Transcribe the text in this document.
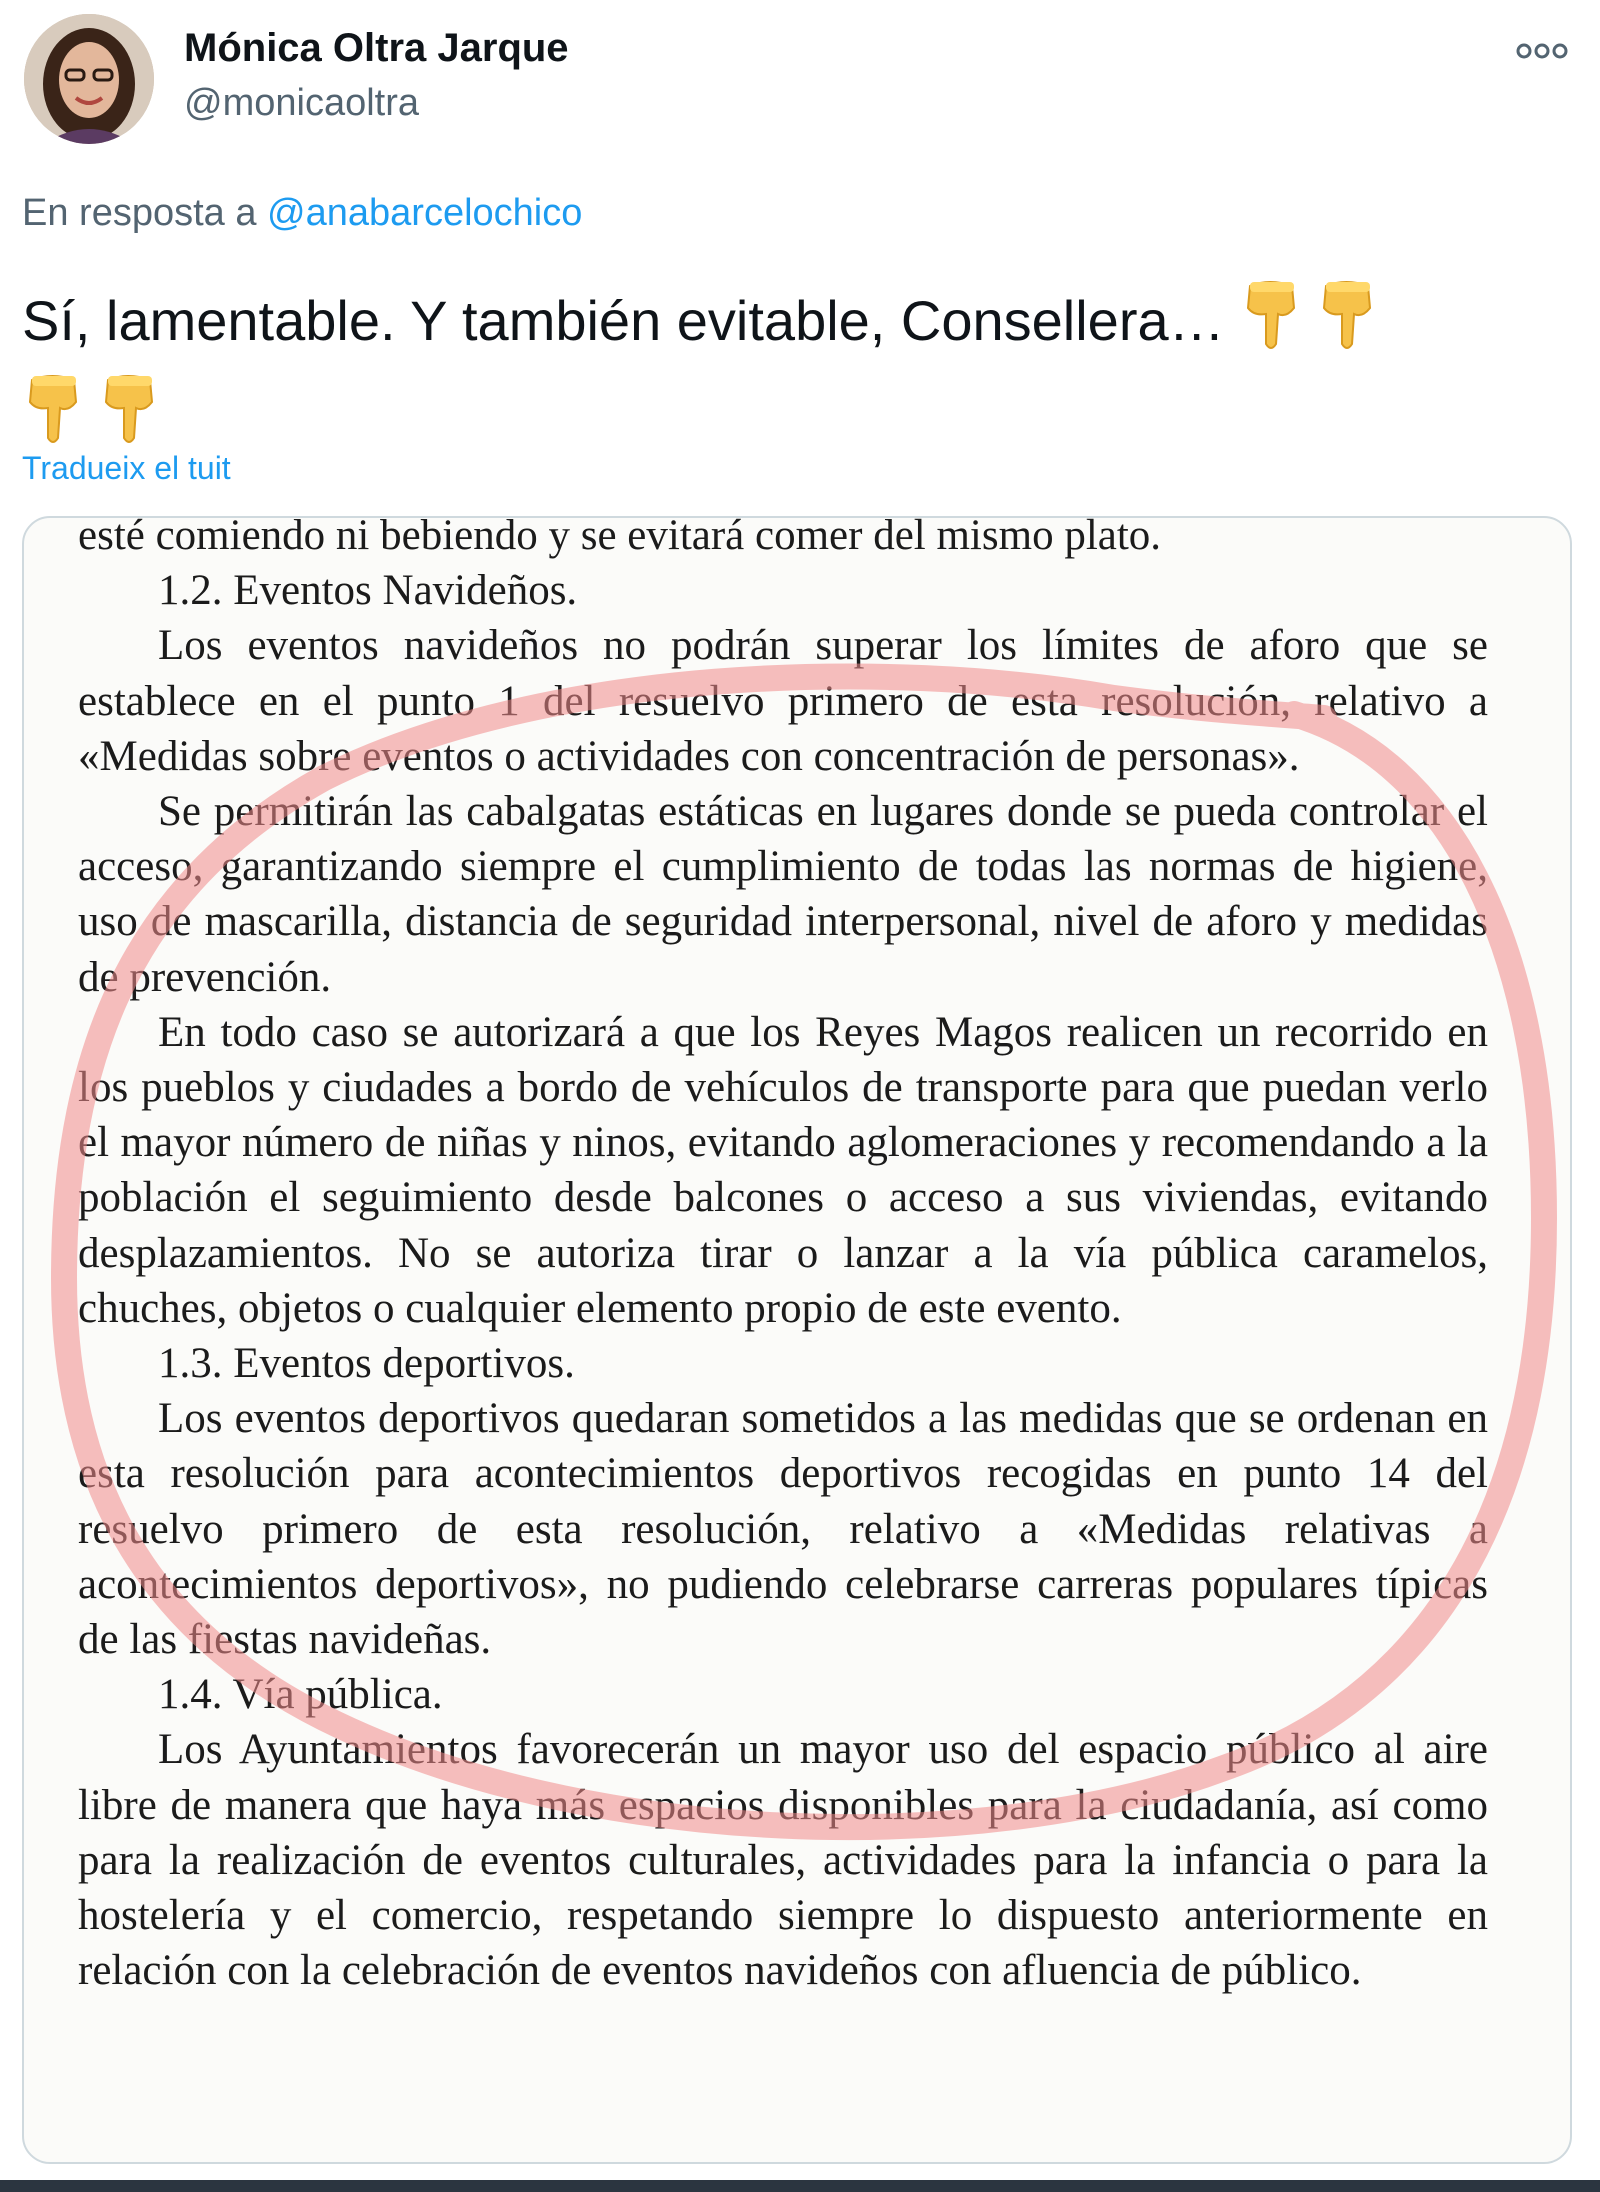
Mónica Oltra Jarque
@monicaoltra
En resposta a @anabarcelochico
Sí, lamentable. Y también evitable, Consellera…

Tradueix el tuit

esté comiendo ni bebiendo y se evitará comer del mismo plato.

1.2. Eventos Navideños.

Los eventos navideños no podrán superar los límites de aforo que se establece en el punto 1 del resuelvo primero de esta resolución, relativo a «Medidas sobre eventos o actividades con concentración de personas».

Se permitirán las cabalgatas estáticas en lugares donde se pueda controlar el acceso, garantizando siempre el cumplimiento de todas las normas de higiene, uso de mascarilla, distancia de seguridad interpersonal, nivel de aforo y medidas de prevención.

En todo caso se autorizará a que los Reyes Magos realicen un recorrido en los pueblos y ciudades a bordo de vehículos de transporte para que puedan verlo el mayor número de niñas y ninos, evitando aglomeraciones y recomendando a la población el seguimiento desde balcones o acceso a sus viviendas, evitando desplazamientos. No se autoriza tirar o lanzar a la vía pública caramelos, chuches, objetos o cualquier elemento propio de este evento.

1.3. Eventos deportivos.

Los eventos deportivos quedaran sometidos a las medidas que se ordenan en esta resolución para acontecimientos deportivos recogidas en punto 14 del resuelvo primero de esta resolución, relativo a «Medidas relativas a acontecimientos deportivos», no pudiendo celebrarse carreras populares típicas de las fiestas navideñas.

1.4. Vía pública.

Los Ayuntamientos favorecerán un mayor uso del espacio público al aire libre de manera que haya más espacios disponibles para la ciudadanía, así como para la realización de eventos culturales, actividades para la infancia o para la hostelería y el comercio, respetando siempre lo dispuesto anteriormente en relación con la celebración de eventos navideños con afluencia de público.
